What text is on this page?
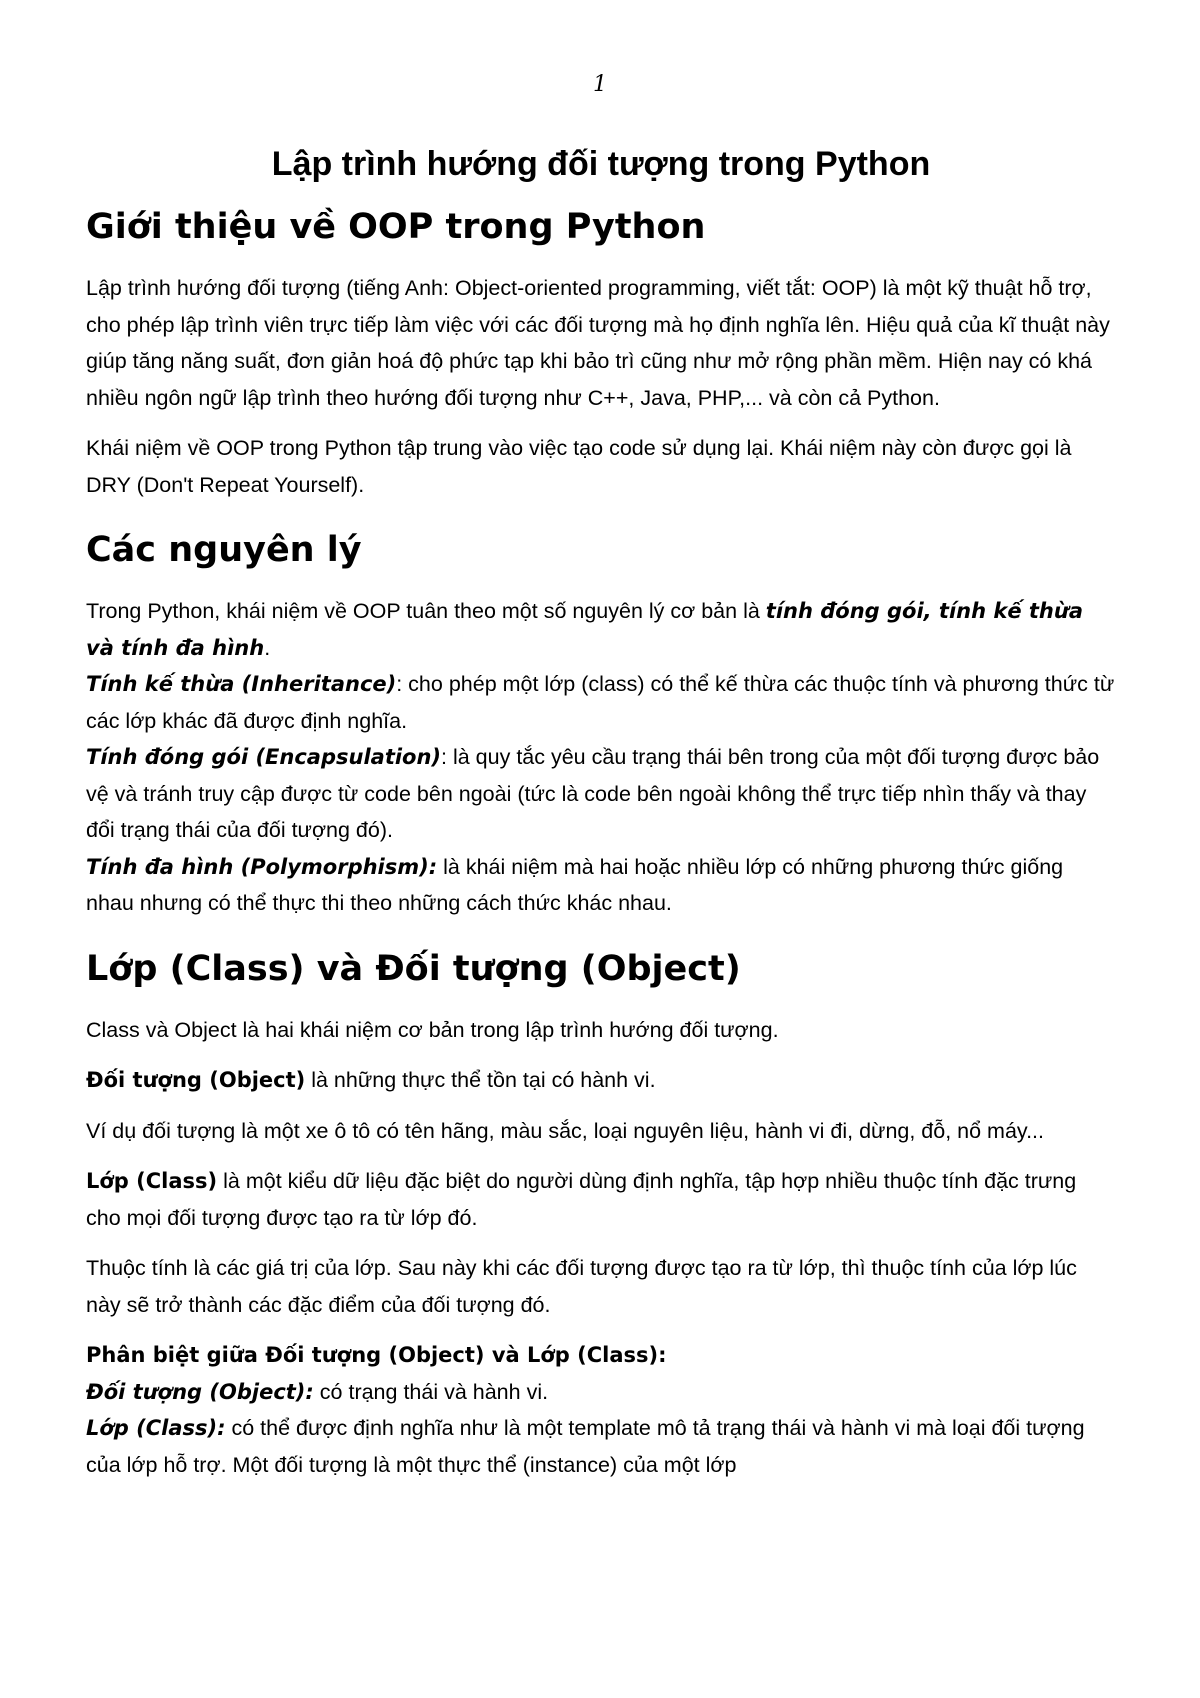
1
Lập trình hướng đối tượng trong Python
Giới thiệu về OOP trong Python

Lập trình hướng đối tượng (tiếng Anh: Object-oriented programming, viết tắt: OOP) là một kỹ thuật hỗ trợ, cho phép lập trình viên trực tiếp làm việc với các đối tượng mà họ định nghĩa lên. Hiệu quả của kĩ thuật này giúp tăng năng suất, đơn giản hoá độ phức tạp khi bảo trì cũng như mở rộng phần mềm. Hiện nay có khá nhiều ngôn ngữ lập trình theo hướng đối tượng như C++, Java, PHP,... và còn cả Python.

Khái niệm về OOP trong Python tập trung vào việc tạo code sử dụng lại. Khái niệm này còn được gọi là DRY (Don't Repeat Yourself).

Các nguyên lý

Trong Python, khái niệm về OOP tuân theo một số nguyên lý cơ bản là tính đóng gói, tính kế thừa và tính đa hình.

Tính kế thừa (Inheritance): cho phép một lớp (class) có thể kế thừa các thuộc tính và phương thức từ các lớp khác đã được định nghĩa.

Tính đóng gói (Encapsulation): là quy tắc yêu cầu trạng thái bên trong của một đối tượng được bảo vệ và tránh truy cập được từ code bên ngoài (tức là code bên ngoài không thể trực tiếp nhìn thấy và thay đổi trạng thái của đối tượng đó).

Tính đa hình (Polymorphism): là khái niệm mà hai hoặc nhiều lớp có những phương thức giống nhau nhưng có thể thực thi theo những cách thức khác nhau.

Lớp (Class) và Đối tượng (Object)

Class và Object là hai khái niệm cơ bản trong lập trình hướng đối tượng.

Đối tượng (Object) là những thực thể tồn tại có hành vi.

Ví dụ đối tượng là một xe ô tô có tên hãng, màu sắc, loại nguyên liệu, hành vi đi, dừng, đỗ, nổ máy...

Lớp (Class) là một kiểu dữ liệu đặc biệt do người dùng định nghĩa, tập hợp nhiều thuộc tính đặc trưng cho mọi đối tượng được tạo ra từ lớp đó.

Thuộc tính là các giá trị của lớp. Sau này khi các đối tượng được tạo ra từ lớp, thì thuộc tính của lớp lúc này sẽ trở thành các đặc điểm của đối tượng đó.

Phân biệt giữa Đối tượng (Object) và Lớp (Class):

Đối tượng (Object): có trạng thái và hành vi.

Lớp (Class): có thể được định nghĩa như là một template mô tả trạng thái và hành vi mà loại đối tượng của lớp hỗ trợ. Một đối tượng là một thực thể (instance) của một lớp
